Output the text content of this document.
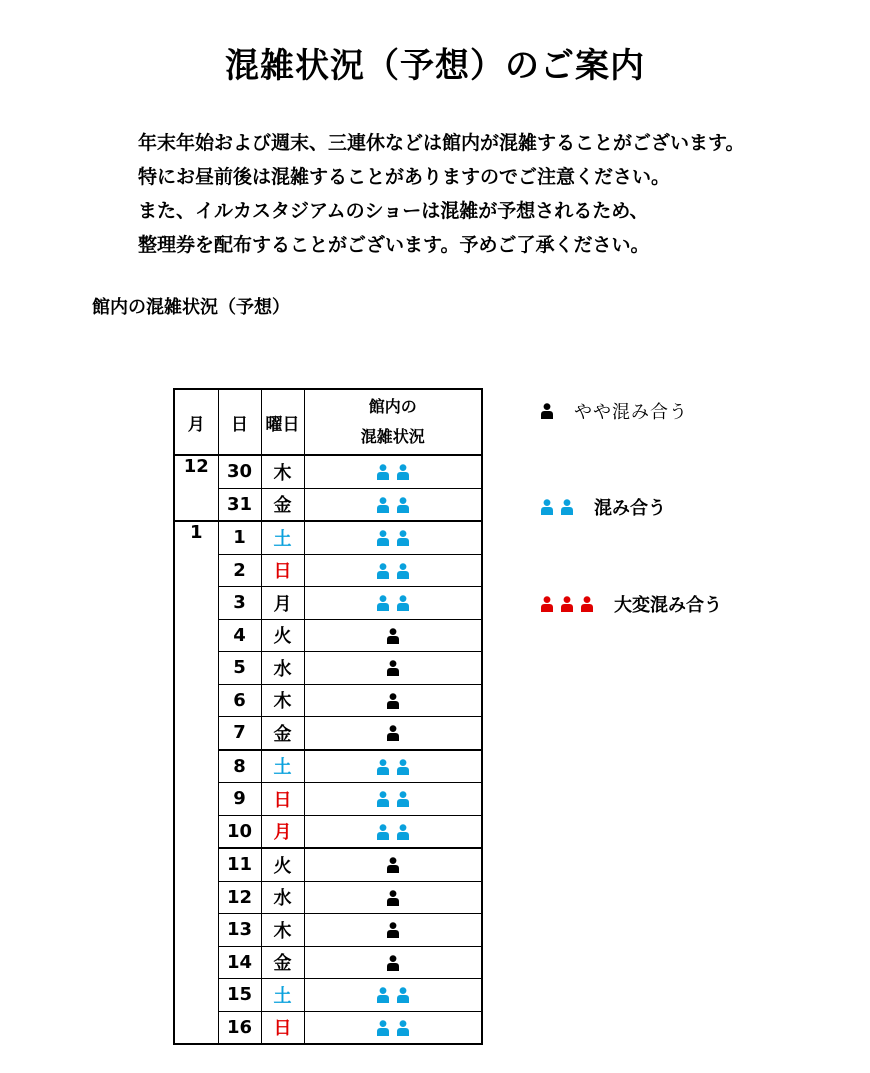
混雑状況（予想）のご案内
年末年始および週末、三連休などは館内が混雑することがございます。
特にお昼前後は混雑することがありますのでご注意ください。
また、イルカスタジアムのショーは混雑が予想されるため、
整理券を配布することがございます。予めご了承ください。
館内の混雑状況（予想）
月	日	曜日	館内の
混雑状況

12	30	木	

	31	金	

1	1	土	

	2	日	

	3	月	

	4	火	

	5	水	

	6	木	

	7	金	

	8	土	

	9	日	

	10	月	

	11	火	

	12	水	

	13	木	

	14	金	

	15	土	

	16	日	
やや混み合う
混み合う
大変混み合う
